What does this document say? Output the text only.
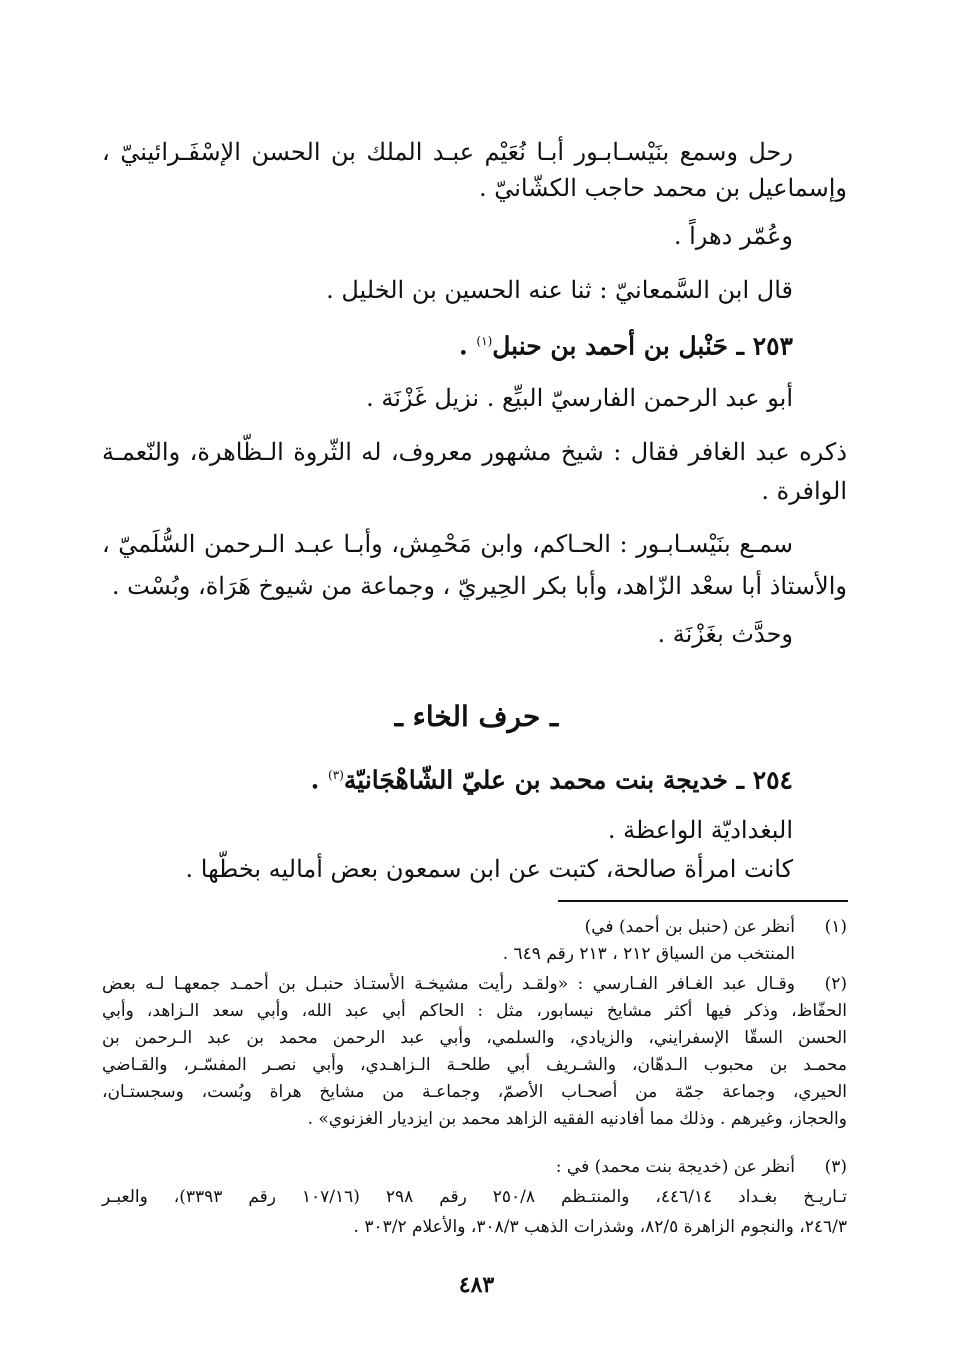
رحل وسمع بنَيْسـابـور أبـا نُعَيْم عبـد الملك بن الحسن الإسْفَـرائينيّ ،
وإسماعيل بن محمد حاجب الكشّانيّ .
وعُمّر دهراً .
قال ابن السَّمعانيّ : ثنا عنه الحسين بن الخليل .
٢٥٣ ـ حَنْبل بن أحمد بن حنبل$^{(١)}$ .
أبو عبد الرحمن الفارسيّ البيِّع . نزيل غَزْنَة .
ذكره عبد الغافر فقال : شيخ مشهور معروف، له الثّروة الـظّاهرة، والنّعمـة
الوافرة .
سمـع بنَيْسـابـور : الحـاكم، وابن مَحْمِش، وأبـا عبـد الـرحمن السُّلَميّ ،
والأستاذ أبا سعْد الزّاهد، وأبا بكر الحِيريّ ، وجماعة من شيوخ هَرَاة، وبُسْت .
وحدَّث بغَزْنَة .
ـ حرف الخاء ـ
٢٥٤ ـ خديجة بنت محمد بن عليّ الشّاهْجَانيّة$^{(٣)}$ .
البغداديّة الواعظة .
كانت امرأة صالحة، كتبت عن ابن سمعون بعض أماليه بخطّها .
(١)
أنظر عن (حنبل بن أحمد) في)
المنتخب من السياق ٢١٢ ، ٢١٣ رقم ٦٤٩ .
(٢)
وقـال عبد الغـافر الفـارسي : «ولقـد رأيت مشيخـة الأستـاذ حنبـل بن أحمـد جمعهـا لـه بعض
الحفّاظ، وذكر فيها أكثر مشايخ نيسابور، مثل : الحاكم أبي عبد الله، وأبي سعد الـزاهد، وأبي
الحسن السقّا الإسفرايني، والزيادي، والسلمي، وأبي عبد الرحمن محمد بن عبد الـرحمن بن
محمـد بن محبوب الـدهّان، والشـريف أبي طلحـة الـزاهـدي، وأبي نصـر المفسّـر، والقـاضي
الحيري، وجماعة جمّة من أصحـاب الأصمّ، وجماعـة من مشايخ هراة وبُست، وسجستـان،
والحجاز، وغيرهم . وذلك مما أفادنيه الفقيه الزاهد محمد بن ايزديار الغزنوي» .
(٣)
أنظر عن (خديجة بنت محمد) في :
تـاريـخ بغـداد ٤٤٦/١٤، والمنتـظم ٢٥٠/٨ رقم ٢٩٨ (١٠٧/١٦ رقم ٣٣٩٣)، والعبـر
٢٤٦/٣، والنجوم الزاهرة ٨٢/٥، وشذرات الذهب ٣٠٨/٣، والأعلام ٣٠٣/٢ .
٤٨٣
